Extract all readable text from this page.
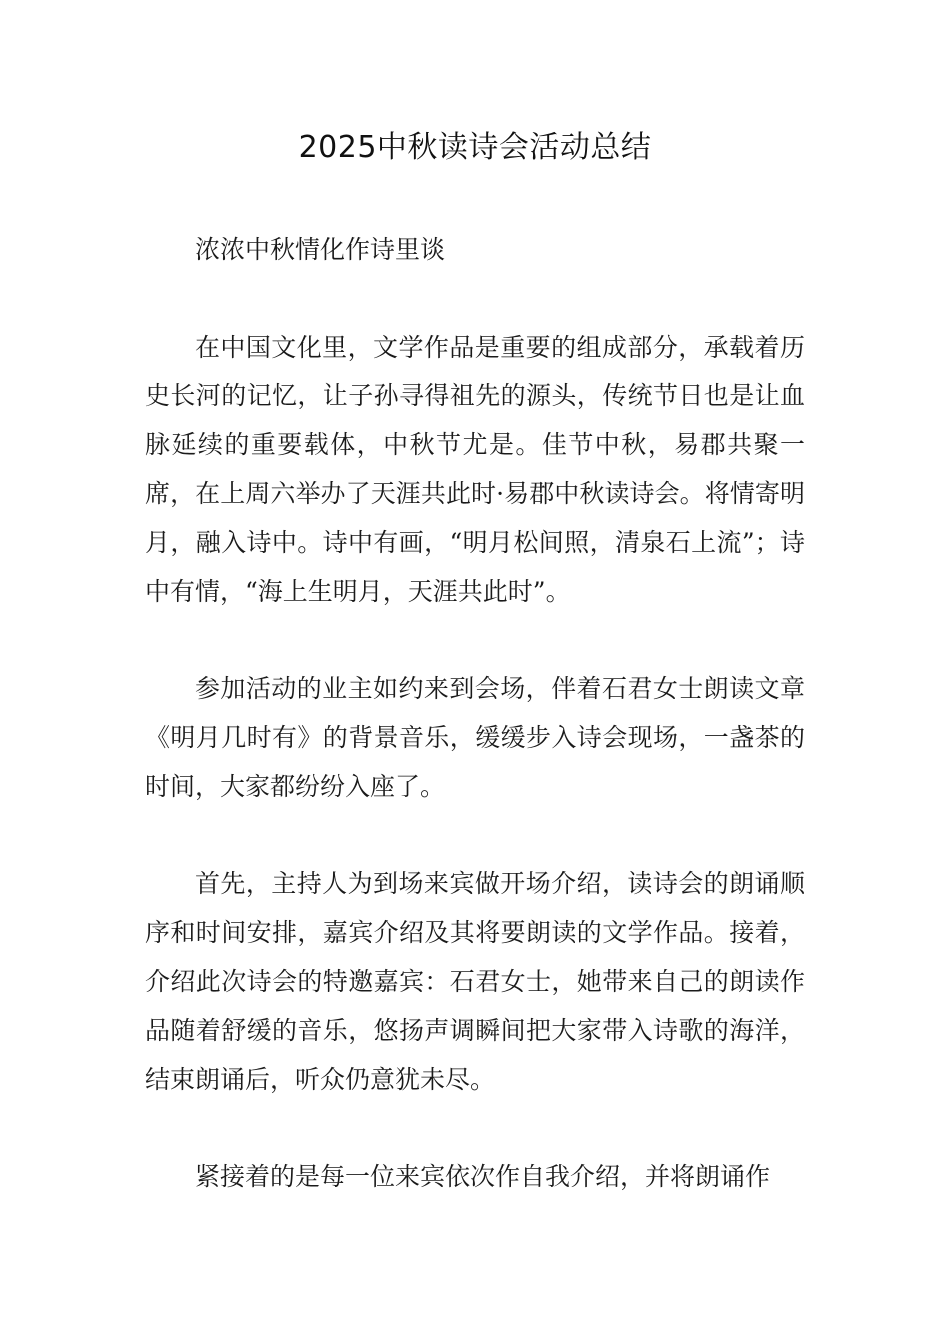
2025中秋读诗会活动总结

浓浓中秋情化作诗里谈

在中国文化里，文学作品是重要的组成部分，承载着历史长河的记忆，让子孙寻得祖先的源头，传统节日也是让血脉延续的重要载体，中秋节尤是。佳节中秋，易郡共聚一席，在上周六举办了天涯共此时·易郡中秋读诗会。将情寄明月，融入诗中。诗中有画，“明月松间照，清泉石上流”；诗中有情，“海上生明月，天涯共此时”。

参加活动的业主如约来到会场，伴着石君女士朗读文章《明月几时有》的背景音乐，缓缓步入诗会现场，一盏茶的时间，大家都纷纷入座了。

首先，主持人为到场来宾做开场介绍，读诗会的朗诵顺序和时间安排，嘉宾介绍及其将要朗读的文学作品。接着，介绍此次诗会的特邀嘉宾：石君女士，她带来自己的朗读作品随着舒缓的音乐，悠扬声调瞬间把大家带入诗歌的海洋，结束朗诵后，听众仍意犹未尽。

紧接着的是每一位来宾依次作自我介绍，并将朗诵作
